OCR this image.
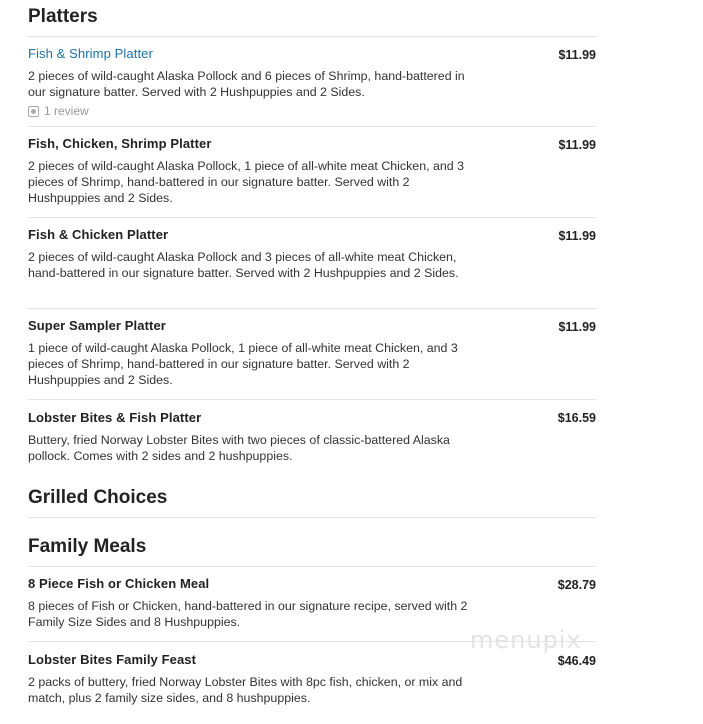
Platters
Fish & Shrimp Platter	$11.99
2 pieces of wild-caught Alaska Pollock and 6 pieces of Shrimp, hand-battered in our signature batter. Served with 2 Hushpuppies and 2 Sides.
1 review
Fish, Chicken, Shrimp Platter	$11.99
2 pieces of wild-caught Alaska Pollock, 1 piece of all-white meat Chicken, and 3 pieces of Shrimp, hand-battered in our signature batter. Served with 2 Hushpuppies and 2 Sides.
Fish & Chicken Platter	$11.99
2 pieces of wild-caught Alaska Pollock and 3 pieces of all-white meat Chicken, hand-battered in our signature batter. Served with 2 Hushpuppies and 2 Sides.
Super Sampler Platter	$11.99
1 piece of wild-caught Alaska Pollock, 1 piece of all-white meat Chicken, and 3 pieces of Shrimp, hand-battered in our signature batter. Served with 2 Hushpuppies and 2 Sides.
Lobster Bites & Fish Platter	$16.59
Buttery, fried Norway Lobster Bites with two pieces of classic-battered Alaska pollock. Comes with 2 sides and 2 hushpuppies.
Grilled Choices
Family Meals
8 Piece Fish or Chicken Meal	$28.79
8 pieces of Fish or Chicken, hand-battered in our signature recipe, served with 2 Family Size Sides and 8 Hushpuppies.
Lobster Bites Family Feast	$46.49
2 packs of buttery, fried Norway Lobster Bites with 8pc fish, chicken, or mix and match, plus 2 family size sides, and 8 hushpuppies.
menupix
